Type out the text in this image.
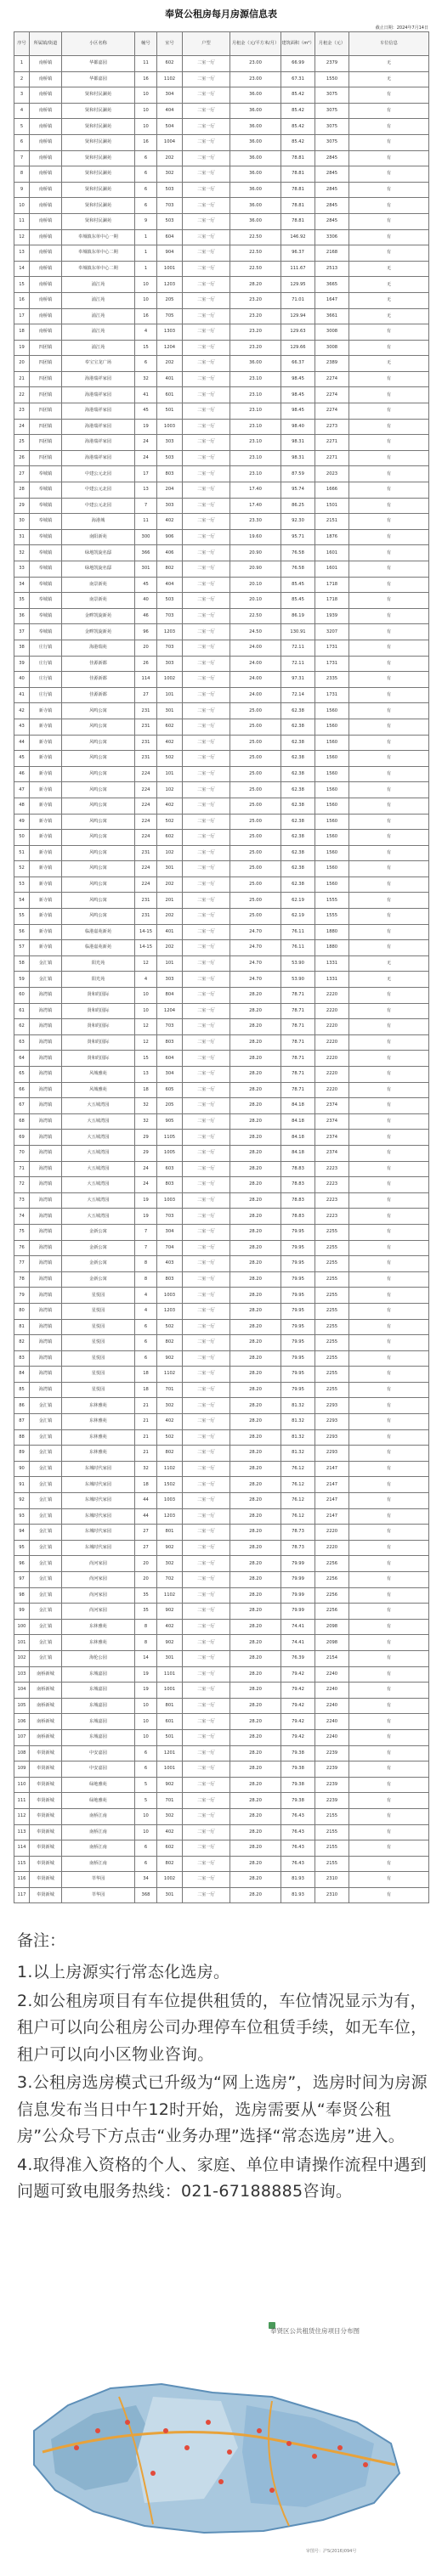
奉贤公租房每月房源信息表
截止日期：2024年7月14日
序号	所属镇/街道	小区名称	幢号	室号	户型	月租金（元/平方米/月）	建筑面积（m²）	月租金（元）	车位信息
1	南桥镇	华都嘉园	11	602	二室一厅	23.00	66.99	2379	无
2	南桥镇	华都嘉园	16	1102	二室一厅	23.00	67.31	1550	无
3	南桥镇	贤和村民澜苑	10	304	二室一厅	36.00	85.42	3075	有
4	南桥镇	贤和村民澜苑	10	404	二室一厅	36.00	85.42	3075	有
5	南桥镇	贤和村民澜苑	10	504	二室一厅	36.00	85.42	3075	有
6	南桥镇	贤和村民澜苑	16	1004	二室一厅	36.00	85.42	3075	有
7	南桥镇	贤和村民澜苑	6	202	二室一厅	36.00	78.81	2845	有
8	南桥镇	贤和村民澜苑	6	302	二室一厅	36.00	78.81	2845	有
9	南桥镇	贤和村民澜苑	6	503	二室一厅	36.00	78.81	2845	有
10	南桥镇	贤和村民澜苑	6	703	二室一厅	36.00	78.81	2845	有
11	南桥镇	贤和村民澜苑	9	503	二室一厅	36.00	78.81	2845	有
12	南桥镇	奉城镇东单中心一期	1	604	三室一厅	22.50	146.92	3306	有
13	南桥镇	奉城镇东单中心二期	1	904	二室一厅	22.50	96.37	2168	有
14	南桥镇	奉城镇东单中心二期	1	1001	二室一厅	22.50	111.67	2513	无
15	南桥镇	浦江苑	10	1203	二室一厅	28.20	129.95	3665	无
16	南桥镇	浦江苑	10	205	二室一厅	23.20	71.01	1647	无
17	南桥镇	浦江苑	16	705	二室一厅	23.20	129.94	3661	无
18	南桥镇	浦江苑	4	1303	二室一厅	23.20	129.63	3008	有
19	四团镇	浦江苑	15	1204	二室一厅	23.20	129.66	3008	有
20	四团镇	奉宝宝龙广场	6	202	二室一厅	36.00	66.37	2389	无
21	四团镇	海港瑞祥家园	32	401	二室一厅	23.10	98.45	2274	有
22	四团镇	海港瑞祥家园	41	601	二室一厅	23.10	98.45	2274	有
23	四团镇	海港瑞祥家园	45	501	二室一厅	23.10	98.45	2274	有
24	四团镇	海港瑞祥家园	19	1003	二室一厅	23.10	98.40	2273	有
25	四团镇	海港瑞祥家园	24	303	二室一厅	23.10	98.31	2271	有
26	四团镇	海港瑞祥家园	24	503	二室一厅	23.10	98.31	2271	有
27	奉城镇	中建公元北园	17	803	二室一厅	23.10	87.59	2023	有
28	奉城镇	中建公元北园	13	204	二室一厅	17.40	95.74	1666	有
29	奉城镇	中建公元北园	7	303	二室一厅	17.40	86.25	1501	有
30	奉城镇	海港城	11	402	二室一厅	23.30	92.30	2151	有
31	奉城镇	南阳新苑	300	906	二室一厅	19.60	95.71	1876	有
32	奉城镇	绿地凯旋名邸	366	406	二室一厅	20.90	76.58	1601	有
33	奉城镇	绿地凯旋名邸	301	802	二室一厅	20.90	76.58	1601	有
34	奉城镇	南景新苑	45	404	二室一厅	20.10	85.45	1718	有
35	奉城镇	南景新苑	40	503	二室一厅	20.10	85.45	1718	有
36	奉城镇	金畔凯旋新苑	46	703	二室一厅	22.50	86.19	1939	有
37	奉城镇	金畔凯旋新苑	96	1203	二室一厅	24.50	130.91	3207	有
38	庄行镇	海港瑞苑	20	703	二室一厅	24.00	72.11	1731	有
39	庄行镇	佳源新都	26	303	二室一厅	24.00	72.11	1731	有
40	庄行镇	佳源新都	114	1002	二室一厅	24.00	97.31	2335	有
41	庄行镇	佳源新都	27	101	二室一厅	24.00	72.14	1731	有
42	新寺镇	风鸣公寓	231	301	二室一厅	25.00	62.38	1560	有
43	新寺镇	风鸣公寓	231	602	二室一厅	25.00	62.38	1560	有
44	新寺镇	风鸣公寓	231	402	二室一厅	25.00	62.38	1560	有
45	新寺镇	风鸣公寓	231	502	二室一厅	25.00	62.38	1560	有
46	新寺镇	风鸣公寓	224	101	二室一厅	25.00	62.38	1560	有
47	新寺镇	风鸣公寓	224	102	二室一厅	25.00	62.38	1560	有
48	新寺镇	风鸣公寓	224	402	二室一厅	25.00	62.38	1560	有
49	新寺镇	风鸣公寓	224	502	二室一厅	25.00	62.38	1560	有
50	新寺镇	风鸣公寓	224	602	二室一厅	25.00	62.38	1560	有
51	新寺镇	风鸣公寓	231	102	二室一厅	25.00	62.38	1560	有
52	新寺镇	风鸣公寓	224	301	二室一厅	25.00	62.38	1560	有
53	新寺镇	风鸣公寓	224	202	二室一厅	25.00	62.38	1560	有
54	新寺镇	风鸣公寓	231	201	二室一厅	25.00	62.19	1555	有
55	新寺镇	风鸣公寓	231	202	二室一厅	25.00	62.19	1555	有
56	新寺镇	临港嘉苑新苑	14-15	401	二室一厅	24.70	76.11	1880	有
57	新寺镇	临港嘉苑新苑	14-15	202	二室一厅	24.70	76.11	1880	有
58	金汇镇	阳光苑	12	101	二室一厅	24.70	53.90	1331	无
59	金汇镇	阳光苑	4	303	二室一厅	24.70	53.90	1331	无
60	海湾镇	贤和的国际	10	804	二室一厅	28.20	78.71	2220	有
61	海湾镇	贤和的国际	10	1204	二室一厅	28.20	78.71	2220	有
62	海湾镇	贤和的国际	12	703	二室一厅	28.20	78.71	2220	有
63	海湾镇	贤和的国际	12	803	二室一厅	28.20	78.71	2220	有
64	海湾镇	贤和的国际	15	604	二室一厅	28.20	78.71	2220	有
65	海湾镇	风城雅苑	13	304	二室一厅	28.20	78.71	2220	有
66	海湾镇	风城雅苑	18	605	二室一厅	28.20	78.71	2220	有
67	海湾镇	大五城湾园	32	205	二室一厅	28.20	84.18	2374	有
68	海湾镇	大五城湾园	32	905	二室一厅	28.20	84.18	2374	有
69	海湾镇	大五城湾园	29	1105	二室一厅	28.20	84.18	2374	有
70	海湾镇	大五城湾园	29	1005	二室一厅	28.20	84.18	2374	有
71	海湾镇	大五城湾园	24	603	二室一厅	28.20	78.83	2223	有
72	海湾镇	大五城湾园	24	803	二室一厅	28.20	78.83	2223	有
73	海湾镇	大五城湾园	19	1003	二室一厅	28.20	78.83	2223	有
74	海湾镇	大五城湾园	19	703	二室一厅	28.20	78.83	2223	有
75	海湾镇	金新公寓	7	304	二室一厅	28.20	79.95	2255	有
76	海湾镇	金新公寓	7	704	二室一厅	28.20	79.95	2255	有
77	海湾镇	金新公寓	8	403	二室一厅	28.20	79.95	2255	有
78	海湾镇	金新公寓	8	803	二室一厅	28.20	79.95	2255	有
79	海湾镇	星悦园	4	1003	二室一厅	28.20	79.95	2255	有
80	海湾镇	星悦园	4	1203	二室一厅	28.20	79.95	2255	有
81	海湾镇	星悦园	6	502	二室一厅	28.20	79.95	2255	有
82	海湾镇	星悦园	6	802	二室一厅	28.20	79.95	2255	有
83	海湾镇	星悦园	6	902	二室一厅	28.20	79.95	2255	有
84	海湾镇	星悦园	18	1102	二室一厅	28.20	79.95	2255	有
85	海湾镇	星悦园	18	701	二室一厅	28.20	79.95	2255	有
86	金汇镇	东林雅苑	21	302	二室一厅	28.20	81.32	2293	有
87	金汇镇	东林雅苑	21	402	二室一厅	28.20	81.32	2293	有
88	金汇镇	东林雅苑	21	502	二室一厅	28.20	81.32	2293	有
89	金汇镇	东林雅苑	21	802	二室一厅	28.20	81.32	2293	有
90	金汇镇	东城时代家园	32	1102	二室一厅	28.20	76.12	2147	有
91	金汇镇	东城时代家园	18	1502	二室一厅	28.20	76.12	2147	有
92	金汇镇	东城时代家园	44	1003	二室一厅	28.20	76.12	2147	有
93	金汇镇	东城时代家园	44	1203	二室一厅	28.20	76.12	2147	有
94	金汇镇	东城时代家园	27	801	二室一厅	28.20	78.73	2220	有
95	金汇镇	东城时代家园	27	902	二室一厅	28.20	78.73	2220	有
96	金汇镇	尚河家园	20	302	二室一厅	28.20	79.99	2256	有
97	金汇镇	尚河家园	20	702	二室一厅	28.20	79.99	2256	有
98	金汇镇	尚河家园	35	1102	二室一厅	28.20	79.99	2256	有
99	金汇镇	尚河家园	35	902	二室一厅	28.20	79.99	2256	有
100	金汇镇	东林雅苑	8	402	二室一厅	28.20	74.41	2098	有
101	金汇镇	东林雅苑	8	902	二室一厅	28.20	74.41	2098	有
102	金汇镇	海伦公园	14	301	二室一厅	28.20	76.39	2154	有
103	南桥新城	东城嘉园	19	1101	二室一厅	28.20	79.42	2240	有
104	南桥新城	东城嘉园	19	1001	二室一厅	28.20	79.42	2240	有
105	南桥新城	东城嘉园	10	801	二室一厅	28.20	79.42	2240	有
106	南桥新城	东城嘉园	10	601	二室一厅	28.20	79.42	2240	有
107	南桥新城	东城嘉园	10	501	二室一厅	28.20	79.42	2240	有
108	奉贤新城	中安嘉园	6	1201	二室一厅	28.20	79.38	2239	有
109	奉贤新城	中安嘉园	6	1001	二室一厅	28.20	79.38	2239	有
110	奉贤新城	绿地雅苑	5	902	二室一厅	28.20	79.38	2239	有
111	奉贤新城	绿地雅苑	5	701	二室一厅	28.20	79.38	2239	有
112	奉贤新城	南桥江南	10	302	二室一厅	28.20	76.43	2155	有
113	奉贤新城	南桥江南	10	402	二室一厅	28.20	76.43	2155	有
114	奉贤新城	南桥江南	6	602	二室一厅	28.20	76.43	2155	有
115	奉贤新城	南桥江南	6	802	二室一厅	28.20	76.43	2155	有
116	奉贤新城	莘华园	34	1002	二室一厅	28.20	81.93	2310	有
117	奉贤新城	莘华园	368	301	二室一厅	28.20	81.93	2310	有
备注：

1.以上房源实行常态化选房。

2.如公租房项目有车位提供租赁的，车位情况显示为有，租户可以向公租房公司办理停车位租赁手续，如无车位，租户可以向小区物业咨询。

3.公租房选房模式已升级为“网上选房”，选房时间为房源信息发布当日中午12时开始，选房需要从“奉贤公租房”公众号下方点击“业务办理”选择“常态选房”进入。

4.取得准入资格的个人、家庭、单位申请操作流程中遇到问题可致电服务热线：021-67188885咨询。

奉贤区公共租赁住房项目分布图
审图号：沪S(2016)094号
